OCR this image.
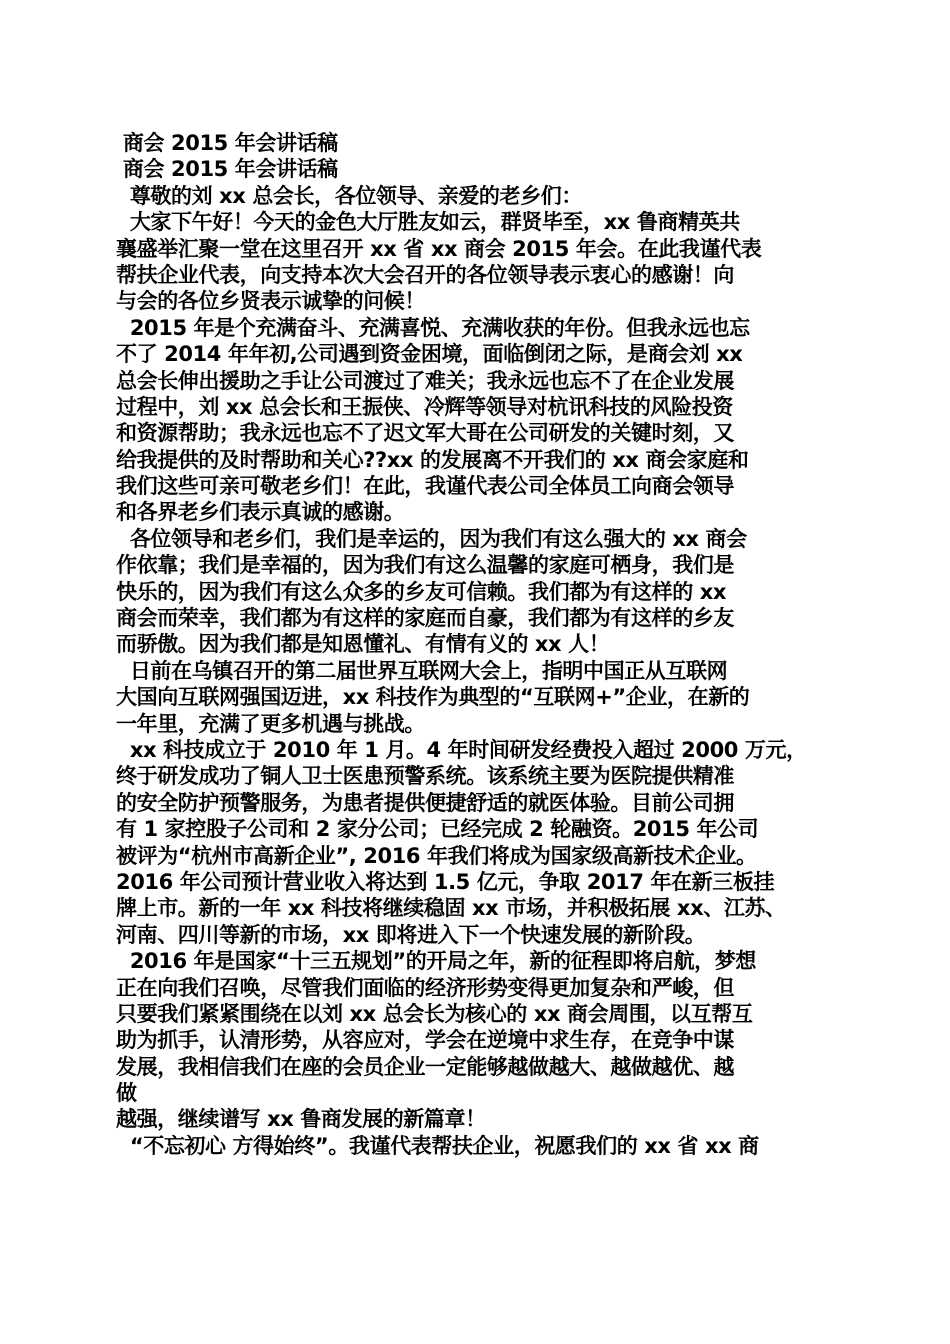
商会 2015 年会讲话稿
商会 2015 年会讲话稿
尊敬的刘 xx 总会长，各位领导、亲爱的老乡们：
大家下午好！今天的金色大厅胜友如云，群贤毕至，xx 鲁商精英共
襄盛举汇聚一堂在这里召开 xx 省 xx 商会 2015 年会。在此我谨代表
帮扶企业代表，向支持本次大会召开的各位领导表示衷心的感谢！向
与会的各位乡贤表示诚挚的问候！
2015 年是个充满奋斗、充满喜悦、充满收获的年份。但我永远也忘
不了 2014 年年初,公司遇到资金困境，面临倒闭之际，是商会刘 xx
总会长伸出援助之手让公司渡过了难关；我永远也忘不了在企业发展
过程中，刘 xx 总会长和王振侠、冷辉等领导对杭讯科技的风险投资
和资源帮助；我永远也忘不了迟文军大哥在公司研发的关键时刻，又
给我提供的及时帮助和关心??xx 的发展离不开我们的 xx 商会家庭和
我们这些可亲可敬老乡们！在此，我谨代表公司全体员工向商会领导
和各界老乡们表示真诚的感谢。
各位领导和老乡们，我们是幸运的，因为我们有这么强大的 xx 商会
作依靠；我们是幸福的，因为我们有这么温馨的家庭可栖身，我们是
快乐的，因为我们有这么众多的乡友可信赖。我们都为有这样的 xx
商会而荣幸，我们都为有这样的家庭而自豪，我们都为有这样的乡友
而骄傲。因为我们都是知恩懂礼、有情有义的 xx 人！
日前在乌镇召开的第二届世界互联网大会上，指明中国正从互联网
大国向互联网强国迈进，xx 科技作为典型的“互联网+”企业，在新的
一年里，充满了更多机遇与挑战。
xx 科技成立于 2010 年 1 月。4 年时间研发经费投入超过 2000 万元，
终于研发成功了铜人卫士医患预警系统。该系统主要为医院提供精准
的安全防护预警服务，为患者提供便捷舒适的就医体验。目前公司拥
有 1 家控股子公司和 2 家分公司；已经完成 2 轮融资。2015 年公司
被评为“杭州市高新企业”, 2016 年我们将成为国家级高新技术企业。
2016 年公司预计营业收入将达到 1.5 亿元，争取 2017 年在新三板挂
牌上市。新的一年 xx 科技将继续稳固 xx 市场，并积极拓展 xx、江苏、
河南、四川等新的市场，xx 即将进入下一个快速发展的新阶段。
2016 年是国家“十三五规划”的开局之年，新的征程即将启航，梦想
正在向我们召唤，尽管我们面临的经济形势变得更加复杂和严峻，但
只要我们紧紧围绕在以刘 xx 总会长为核心的 xx 商会周围，以互帮互
助为抓手，认清形势，从容应对，学会在逆境中求生存，在竞争中谋
发展，我相信我们在座的会员企业一定能够越做越大、越做越优、越
做
越强，继续谱写 xx 鲁商发展的新篇章！
“不忘初心 方得始终”。我谨代表帮扶企业，祝愿我们的 xx 省 xx 商
